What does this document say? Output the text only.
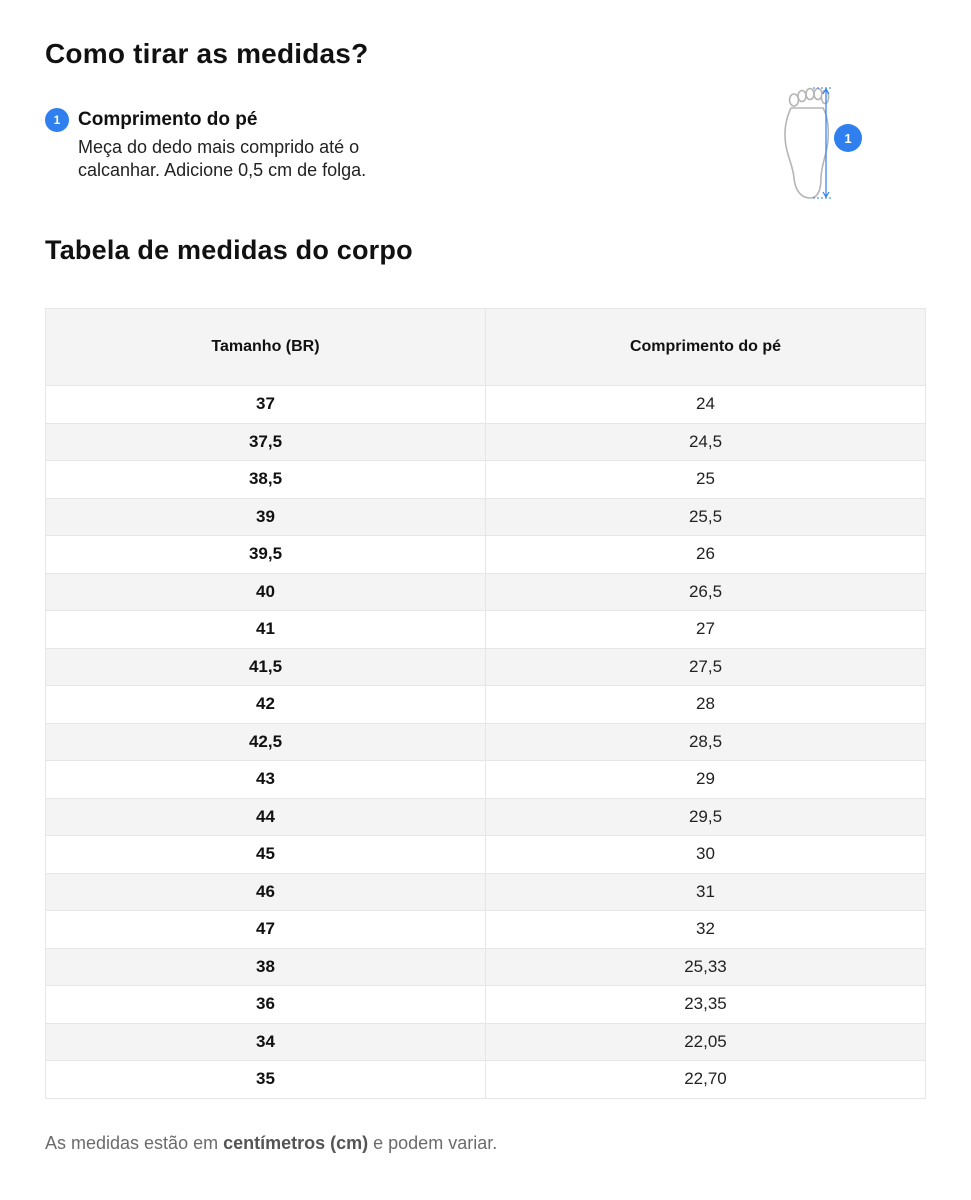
Como tirar as medidas?
1 Comprimento do pé
Meça do dedo mais comprido até o calcanhar. Adicione 0,5 cm de folga.
1
Tabela de medidas do corpo
Tamanho (BR)	Comprimento do pé
37	24
37,5	24,5
38,5	25
39	25,5
39,5	26
40	26,5
41	27
41,5	27,5
42	28
42,5	28,5
43	29
44	29,5
45	30
46	31
47	32
38	25,33
36	23,35
34	22,05
35	22,70
As medidas estão em centímetros (cm) e podem variar.
